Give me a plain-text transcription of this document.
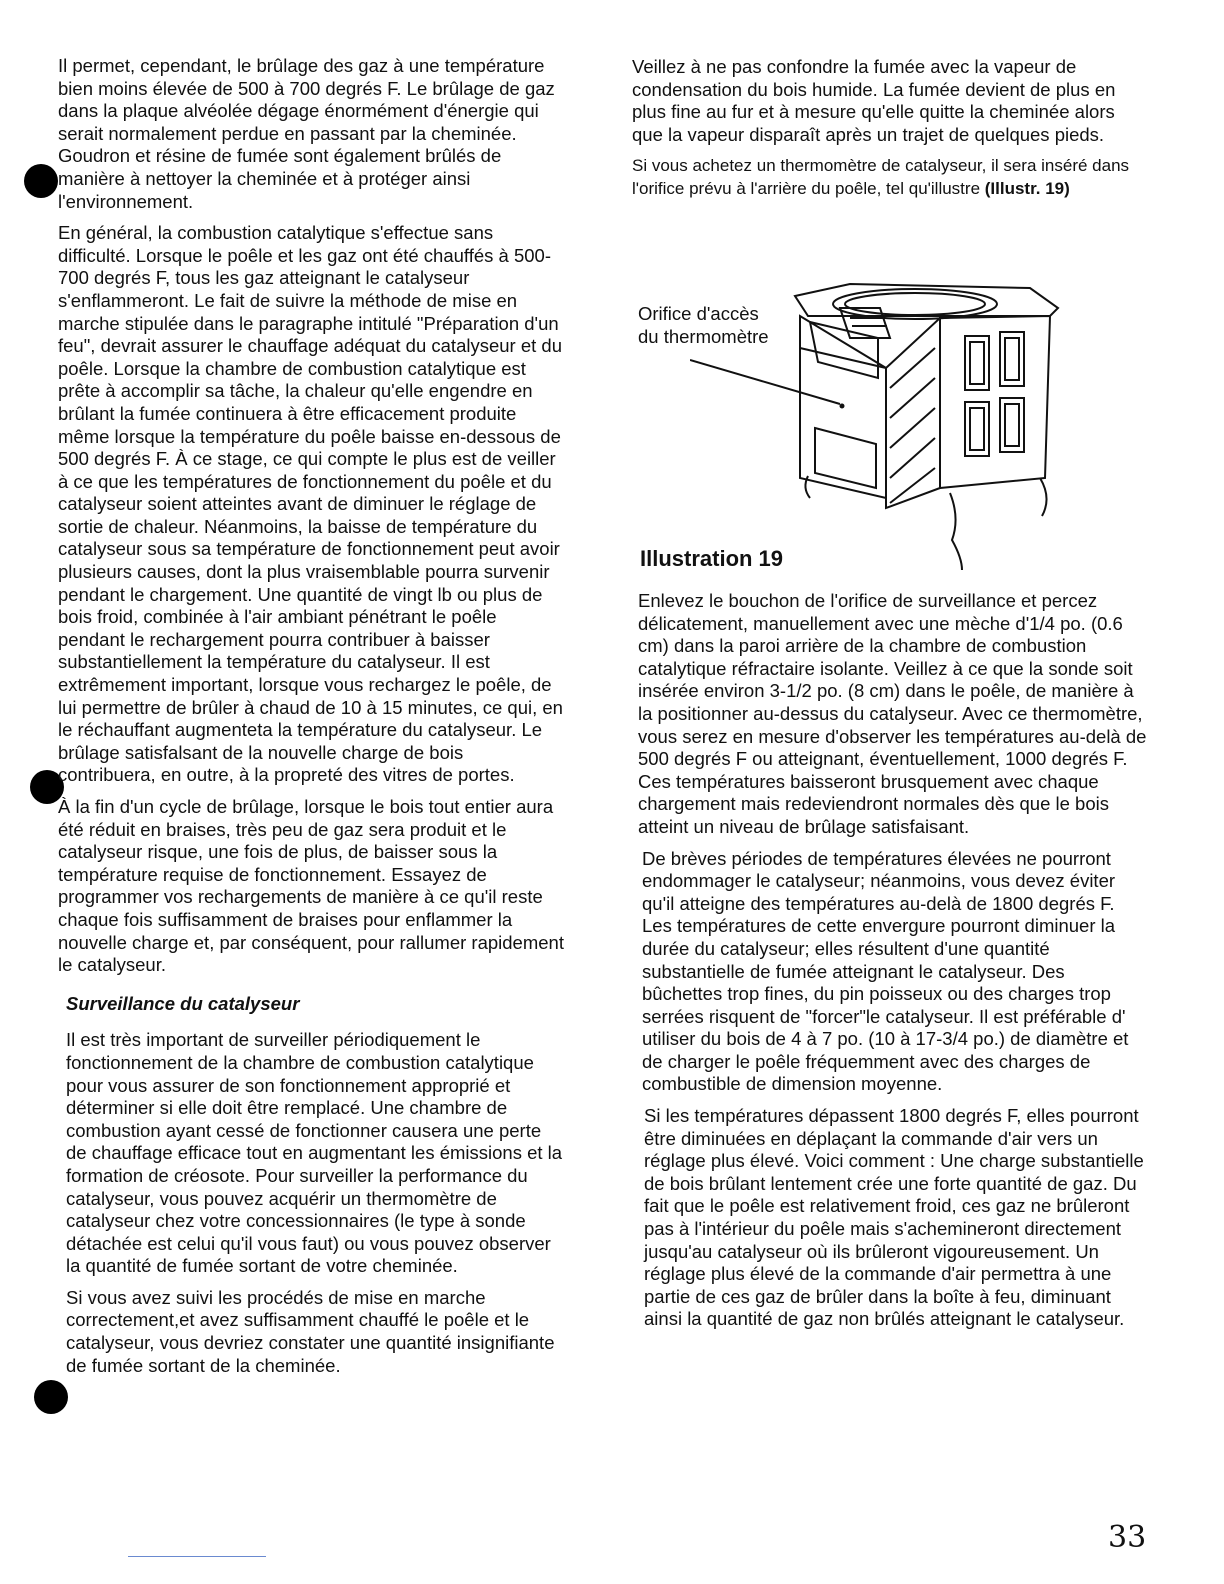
Il permet, cependant, le brûlage des gaz à une température bien moins élevée de 500 à 700 degrés F. Le brûlage de gaz dans la plaque alvéolée dégage énormément d'énergie qui serait normalement perdue en passant par la cheminée. Goudron et résine de fumée sont également brûlés de manière à nettoyer la cheminée et à protéger ainsi l'environnement.

En général, la combustion catalytique s'effectue sans difficulté. Lorsque le poêle et les gaz ont été chauffés à 500-700 degrés F, tous les gaz atteignant le catalyseur s'enflammeront. Le fait de suivre la méthode de mise en marche stipulée dans le paragraphe intitulé "Préparation d'un feu", devrait assurer le chauffage adéquat du catalyseur et du poêle. Lorsque la chambre de combustion catalytique est prête à accomplir sa tâche, la chaleur qu'elle engendre en brûlant la fumée continuera à être efficacement produite même lorsque la température du poêle baisse en-dessous de 500 degrés F. À ce stage, ce qui compte le plus est de veiller à ce que les températures de fonctionnement du poêle et du catalyseur soient atteintes avant de diminuer le réglage de sortie de chaleur. Néanmoins, la baisse de température du catalyseur sous sa température de fonctionnement peut avoir plusieurs causes, dont la plus vraisemblable pourra survenir pendant le chargement. Une quantité de vingt lb ou plus de bois froid, combinée à l'air ambiant pénétrant le poêle pendant le rechargement pourra contribuer à baisser substantiellement la température du catalyseur. Il est extrêmement important, lorsque vous rechargez le poêle, de lui permettre de brûler à chaud de 10 à 15 minutes, ce qui, en le réchauffant augmenteta la température du catalyseur. Le brûlage satisfalsant de la nouvelle charge de bois contribuera, en outre, à la propreté des vitres de portes.

À la fin d'un cycle de brûlage, lorsque le bois tout entier aura été réduit en braises, très peu de gaz sera produit et le catalyseur risque, une fois de plus, de baisser sous la température requise de fonctionnement. Essayez de programmer vos rechargements de manière à ce qu'il reste chaque fois suffisamment de braises pour enflammer la nouvelle charge et, par conséquent, pour rallumer rapidement le catalyseur.

Surveillance du catalyseur

Il est très important de surveiller périodiquement le fonctionnement de la chambre de combustion catalytique pour vous assurer de son fonctionnement approprié et déterminer si elle doit être remplacé. Une chambre de combustion ayant cessé de fonctionner causera une perte de chauffage efficace tout en augmentant les émissions et la formation de créosote. Pour surveiller la performance du catalyseur, vous pouvez acquérir un thermomètre de catalyseur chez votre concessionnaires (le type à sonde détachée est celui qu'il vous faut) ou vous pouvez observer la quantité de fumée sortant de votre cheminée.

Si vous avez suivi les procédés de mise en marche correctement,et avez suffisamment chauffé le poêle et le catalyseur, vous devriez constater une quantité insignifiante de fumée sortant de la cheminée.

Veillez à ne pas confondre la fumée avec la vapeur de condensation du bois humide. La fumée devient de plus en plus fine au fur et à mesure qu'elle quitte la cheminée alors que la vapeur disparaît après un trajet de quelques pieds.

Si vous achetez un thermomètre de catalyseur, il sera inséré dans l'orifice prévu à l'arrière du poêle, tel qu'illustre (Illustr. 19)

Orifice d'accès
du thermomètre
Illustration 19

Enlevez le bouchon de l'orifice de surveillance et percez délicatement, manuellement avec une mèche d'1/4 po. (0.6 cm) dans la paroi arrière de la chambre de combustion catalytique réfractaire isolante. Veillez à ce que la sonde soit insérée environ 3-1/2 po. (8 cm) dans le poêle, de manière à la positionner au-dessus du catalyseur. Avec ce thermomètre, vous serez en mesure d'observer les températures au-delà de 500 degrés F ou atteignant, éventuellement, 1000 degrés F. Ces températures baisseront brusquement avec chaque chargement mais redeviendront normales dès que le bois atteint un niveau de brûlage satisfaisant.

De brèves périodes de températures élevées ne pourront endommager le catalyseur; néanmoins, vous devez éviter qu'il atteigne des températures au-delà de 1800 degrés F. Les températures de cette envergure pourront diminuer la durée du catalyseur; elles résultent d'une quantité substantielle de fumée atteignant le catalyseur. Des bûchettes trop fines, du pin poisseux ou des charges trop serrées risquent de "forcer"le catalyseur. Il est préférable d' utiliser du bois de 4 à 7 po. (10 à 17-3/4 po.) de diamètre et de charger le poêle fréquemment avec des charges de combustible de dimension moyenne.

Si les températures dépassent 1800 degrés F, elles pourront être diminuées en déplaçant la commande d'air vers un réglage plus élevé. Voici comment : Une charge substantielle de bois brûlant lentement crée une forte quantité de gaz. Du fait que le poêle est relativement froid, ces gaz ne brûleront pas à l'intérieur du poêle mais s'achemineront directement jusqu'au catalyseur où ils brûleront vigoureusement. Un réglage plus élevé de la commande d'air permettra à une partie de ces gaz de brûler dans la boîte à feu, diminuant ainsi la quantité de gaz non brûlés atteignant le catalyseur.

33
